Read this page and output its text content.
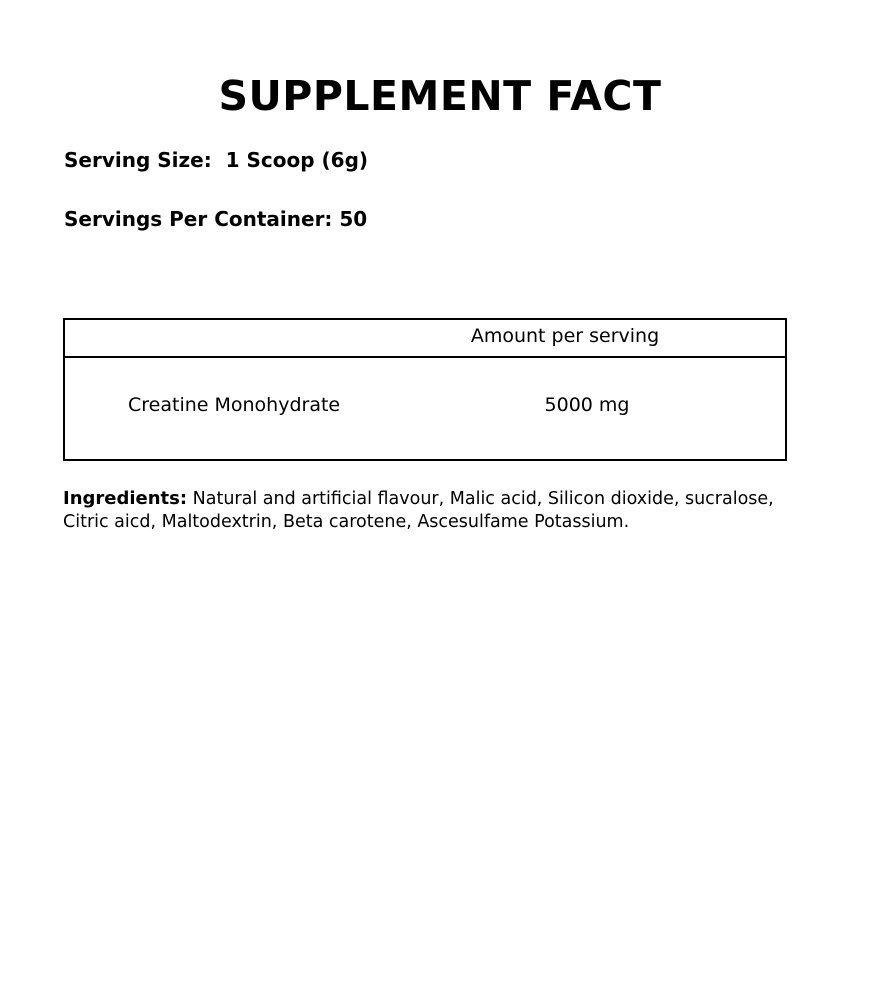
SUPPLEMENT FACT
Serving Size:  1 Scoop (6g)
Servings Per Container: 50
Amount per serving
Creatine Monohydrate	5000 mg
Ingredients: Natural and artificial flavour, Malic acid, Silicon dioxide, sucralose, Citric aicd, Maltodextrin, Beta carotene, Ascesulfame Potassium.
